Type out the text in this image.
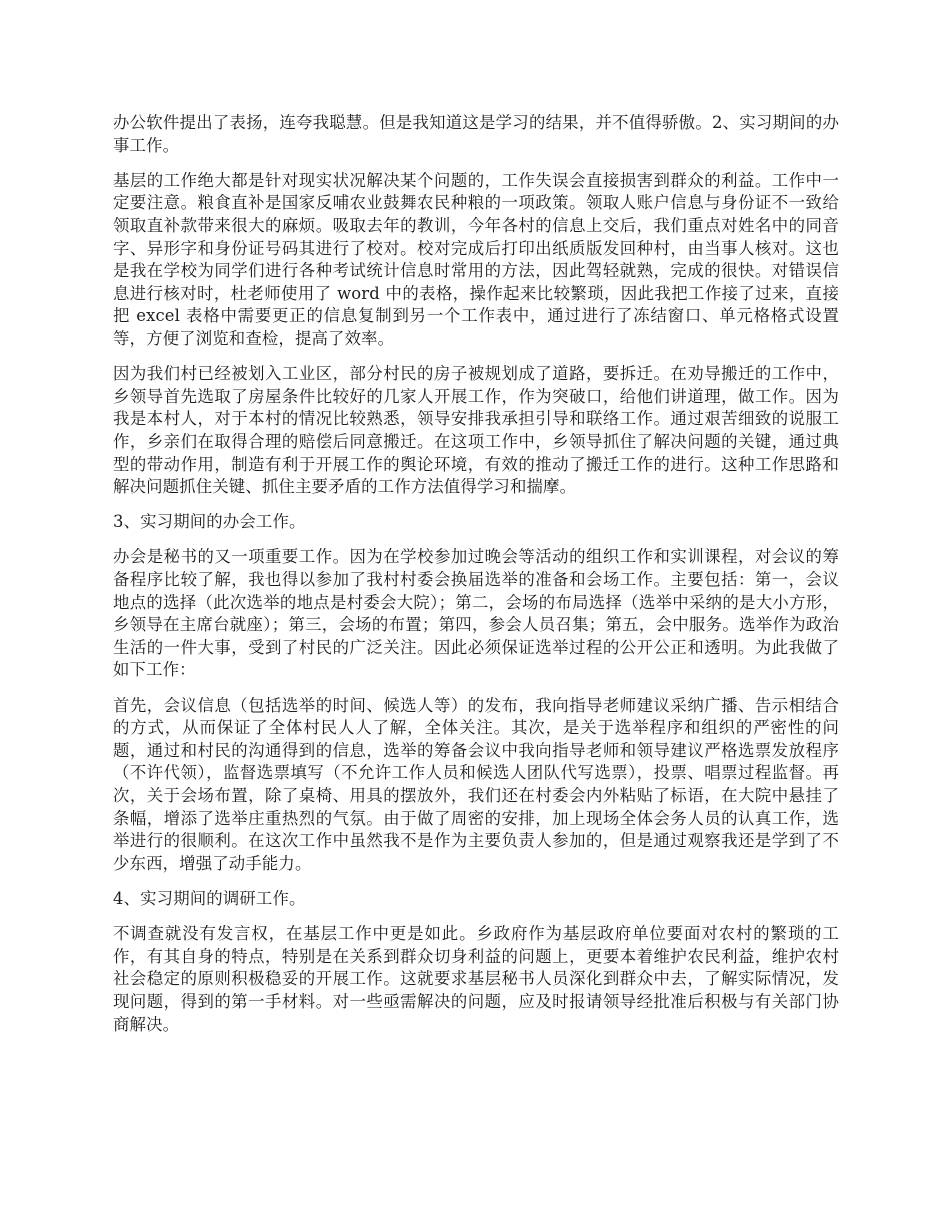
办公软件提出了表扬，连夸我聪慧。但是我知道这是学习的结果，并不值得骄傲。2、实习期间的办事工作。

基层的工作绝大都是针对现实状况解决某个问题的，工作失误会直接损害到群众的利益。工作中一定要注意。粮食直补是国家反哺农业鼓舞农民种粮的一项政策。领取人账户信息与身份证不一致给领取直补款带来很大的麻烦。吸取去年的教训，今年各村的信息上交后，我们重点对姓名中的同音字、异形字和身份证号码其进行了校对。校对完成后打印出纸质版发回种村，由当事人核对。这也是我在学校为同学们进行各种考试统计信息时常用的方法，因此驾轻就熟，完成的很快。对错误信息进行核对时，杜老师使用了 word 中的表格，操作起来比较繁琐，因此我把工作接了过来，直接把 excel 表格中需要更正的信息复制到另一个工作表中，通过进行了冻结窗口、单元格格式设置等，方便了浏览和查检，提高了效率。

因为我们村已经被划入工业区，部分村民的房子被规划成了道路，要拆迁。在劝导搬迁的工作中，乡领导首先选取了房屋条件比较好的几家人开展工作，作为突破口，给他们讲道理，做工作。因为我是本村人，对于本村的情况比较熟悉，领导安排我承担引导和联络工作。通过艰苦细致的说服工作，乡亲们在取得合理的赔偿后同意搬迁。在这项工作中，乡领导抓住了解决问题的关键，通过典型的带动作用，制造有利于开展工作的舆论环境，有效的推动了搬迁工作的进行。这种工作思路和解决问题抓住关键、抓住主要矛盾的工作方法值得学习和揣摩。

3、实习期间的办会工作。

办会是秘书的又一项重要工作。因为在学校参加过晚会等活动的组织工作和实训课程，对会议的筹备程序比较了解，我也得以参加了我村村委会换届选举的准备和会场工作。主要包括：第一，会议地点的选择（此次选举的地点是村委会大院）；第二，会场的布局选择（选举中采纳的是大小方形，乡领导在主席台就座）；第三，会场的布置；第四，参会人员召集；第五，会中服务。选举作为政治生活的一件大事，受到了村民的广泛关注。因此必须保证选举过程的公开公正和透明。为此我做了如下工作：

首先，会议信息（包括选举的时间、候选人等）的发布，我向指导老师建议采纳广播、告示相结合的方式，从而保证了全体村民人人了解，全体关注。其次，是关于选举程序和组织的严密性的问题，通过和村民的沟通得到的信息，选举的筹备会议中我向指导老师和领导建议严格选票发放程序（不许代领），监督选票填写（不允许工作人员和候选人团队代写选票），投票、唱票过程监督。再次，关于会场布置，除了桌椅、用具的摆放外，我们还在村委会内外粘贴了标语，在大院中悬挂了条幅，增添了选举庄重热烈的气氛。由于做了周密的安排，加上现场全体会务人员的认真工作，选举进行的很顺利。在这次工作中虽然我不是作为主要负责人参加的，但是通过观察我还是学到了不少东西，增强了动手能力。

4、实习期间的调研工作。

不调查就没有发言权，在基层工作中更是如此。乡政府作为基层政府单位要面对农村的繁琐的工作，有其自身的特点，特别是在关系到群众切身利益的问题上，更要本着维护农民利益，维护农村社会稳定的原则积极稳妥的开展工作。这就要求基层秘书人员深化到群众中去，了解实际情况，发现问题，得到的第一手材料。对一些亟需解决的问题，应及时报请领导经批准后积极与有关部门协商解决。
